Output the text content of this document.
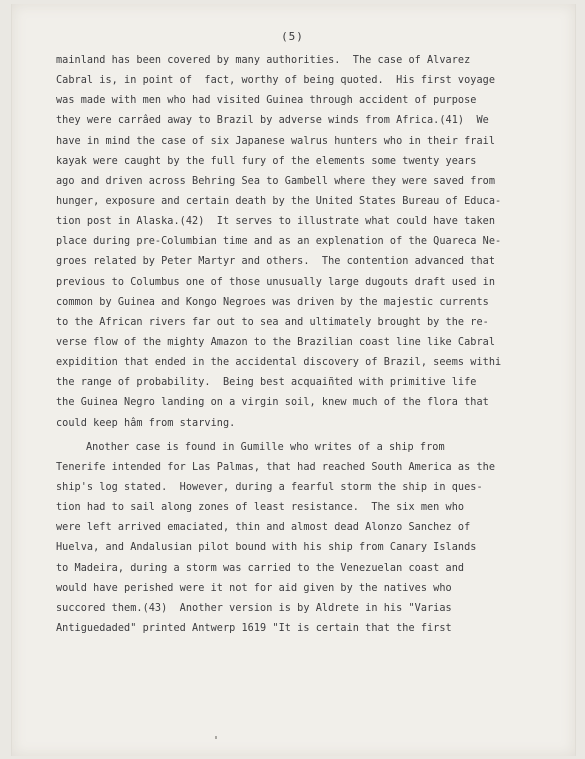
(5)
mainland has been covered by many authorities.  The case of Alvarez
Cabral is, in point of  fact, worthy of being quoted.  His first voyage
was made with men who had visited Guinea through accident of purpose
they were carrâed away to Brazil by adverse winds from Africa.(41)  We
have in mind the case of six Japanese walrus hunters who in their frail
kayak were caught by the full fury of the elements some twenty years
ago and driven across Behring Sea to Gambell where they were saved from
hunger, exposure and certain death by the United States Bureau of Educa-
tion post in Alaska.(42)  It serves to illustrate what could have taken
place during pre-Columbian time and as an explenation of the Quareca Ne-
groes related by Peter Martyr and others.  The contention advanced that
previous to Columbus one of those unusually large dugouts draft used in
common by Guinea and Kongo Negroes was driven by the majestic currents
to the African rivers far out to sea and ultimately brought by the re-
verse flow of the mighty Amazon to the Brazilian coast line like Cabral
expidition that ended in the accidental discovery of Brazil, seems withi
the range of probability.  Being best acquaiñted with primitive life
the Guinea Negro landing on a virgin soil, knew much of the flora that
could keep hâm from starving.
Another case is found in Gumille who writes of a ship from
Tenerife intended for Las Palmas, that had reached South America as the
ship's log stated.  However, during a fearful storm the ship in ques-
tion had to sail along zones of least resistance.  The six men who
were left arrived emaciated, thin and almost dead Alonzo Sanchez of
Huelva, and Andalusian pilot bound with his ship from Canary Islands
to Madeira, during a storm was carried to the Venezuelan coast and
would have perished were it not for aid given by the natives who
succored them.(43)  Another version is by Aldrete in his "Varias
Antiguedaded" printed Antwerp 1619 "It is certain that the first
